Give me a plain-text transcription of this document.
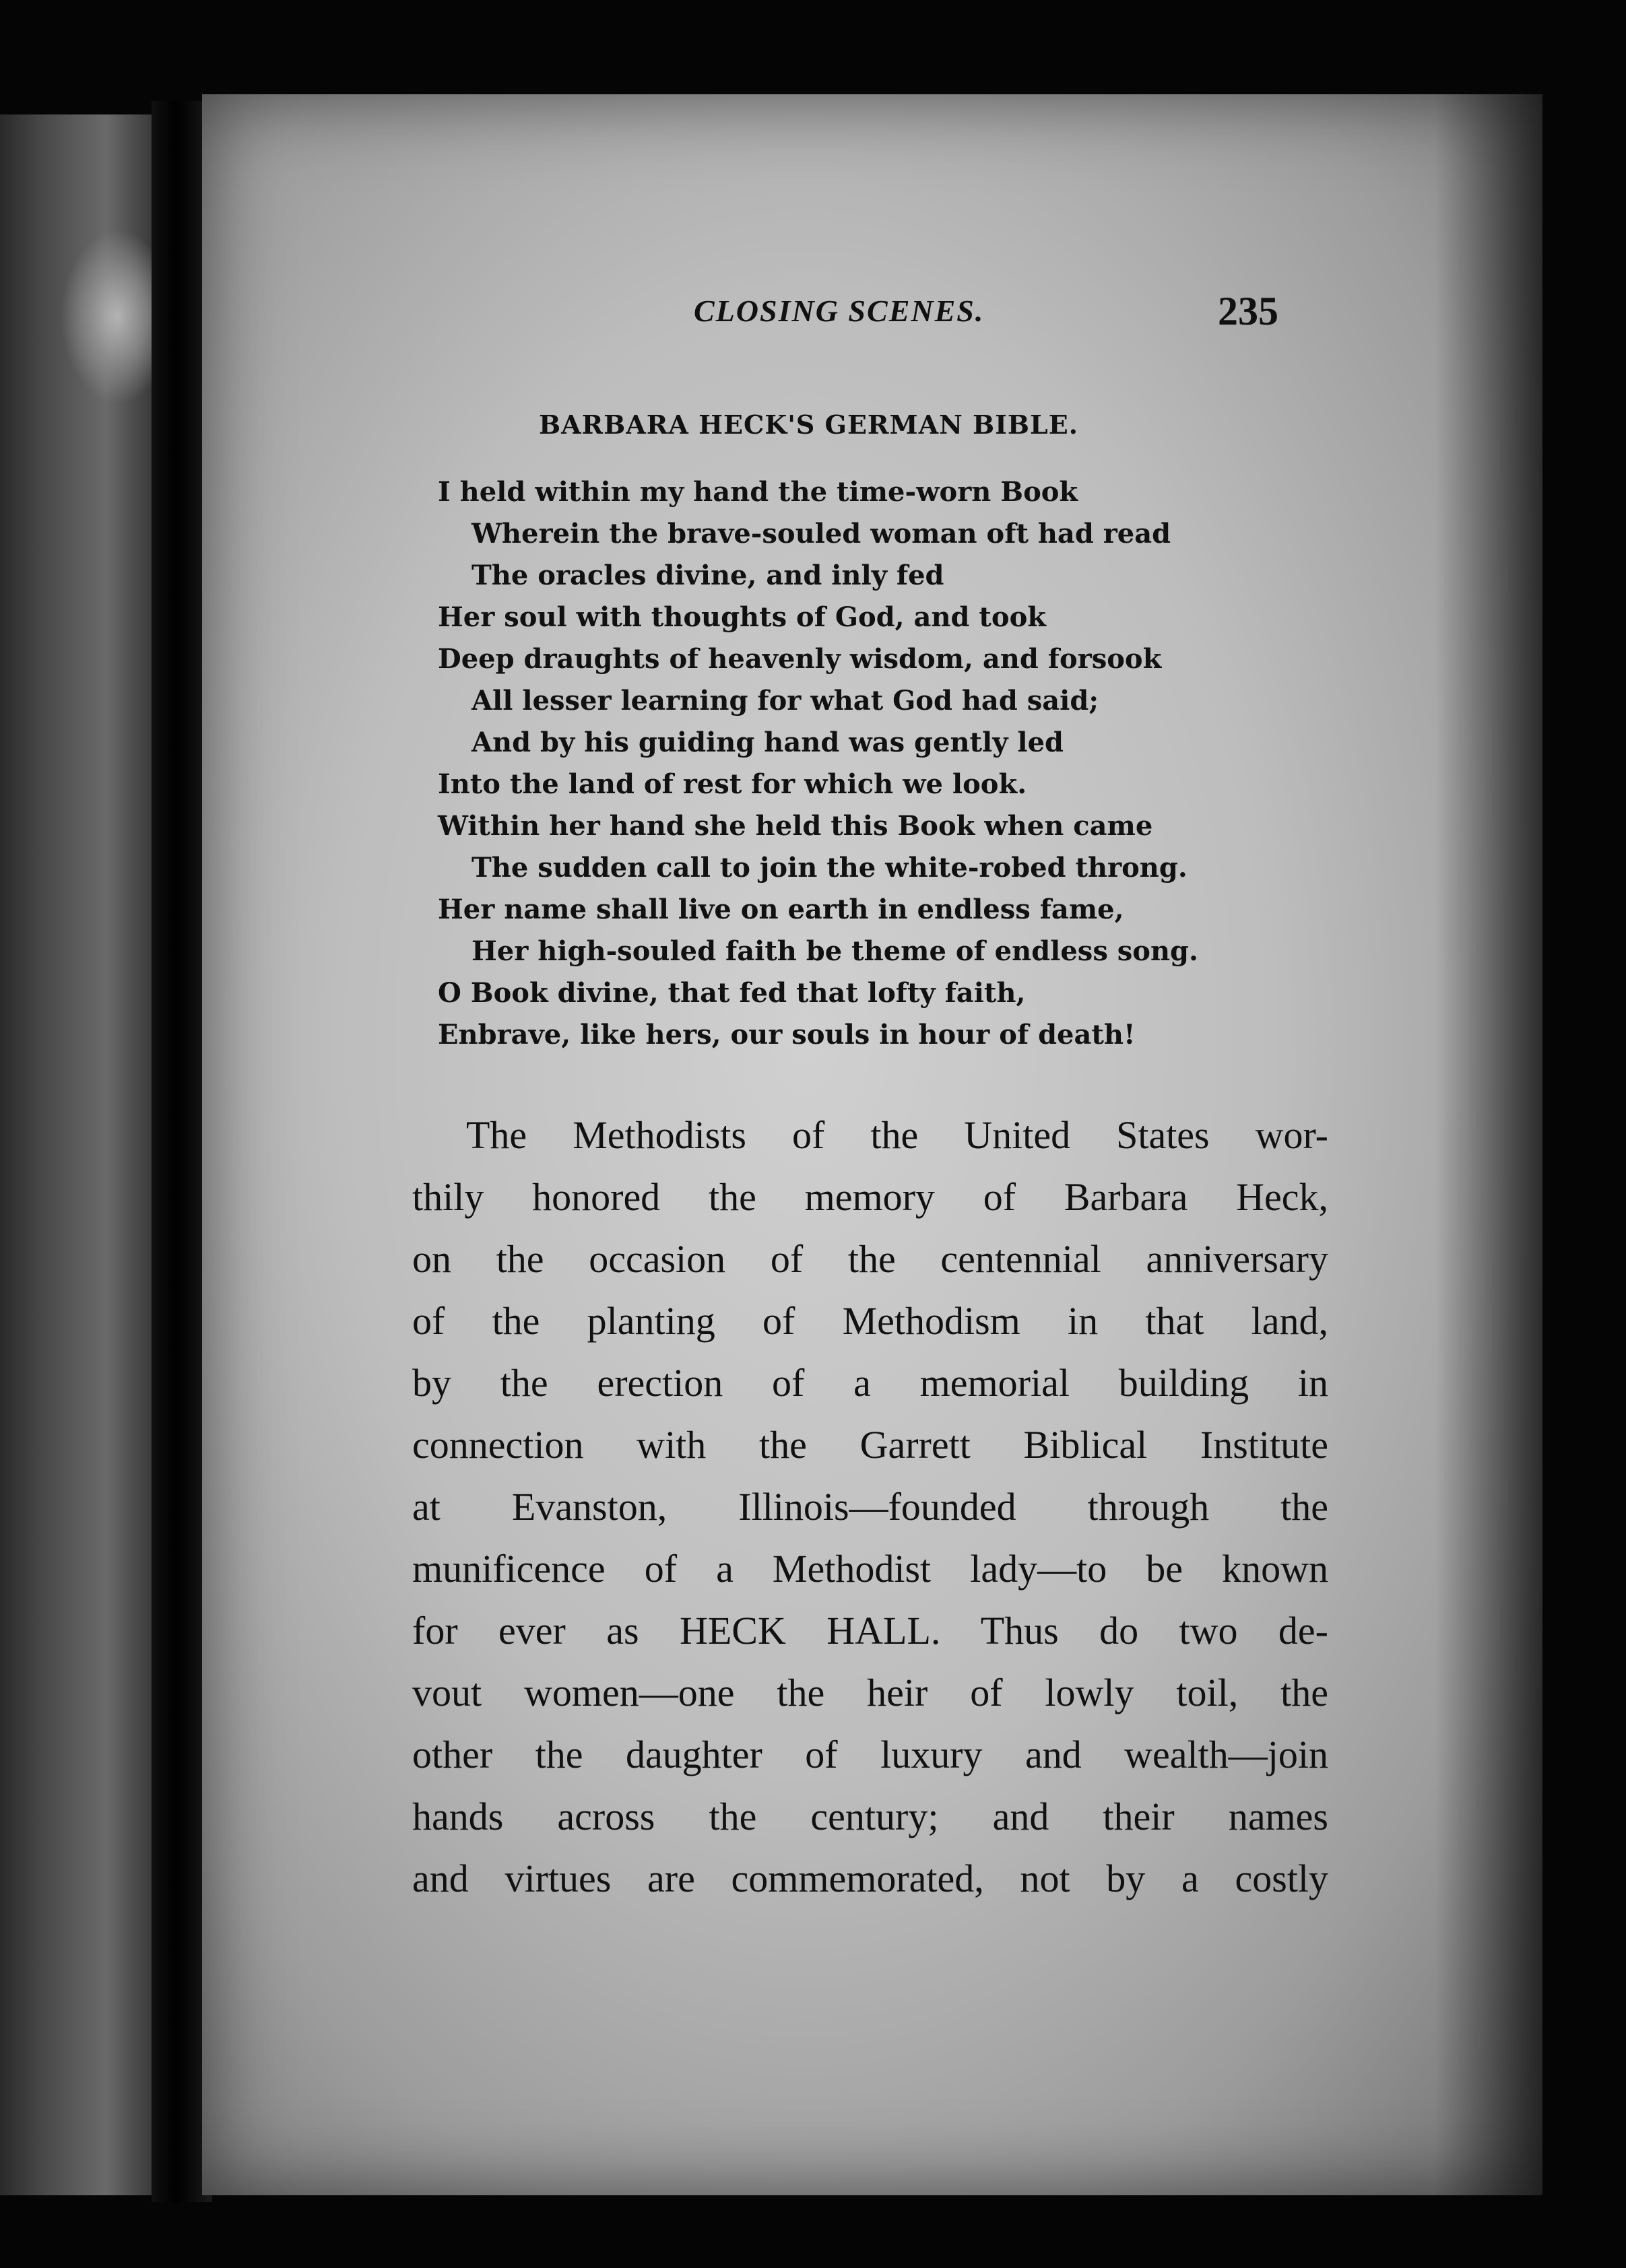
CLOSING SCENES.	235
BARBARA HECK'S GERMAN BIBLE.
I held within my hand the time-worn Book
Wherein the brave-souled woman oft had read
The oracles divine, and inly fed
Her soul with thoughts of God, and took
Deep draughts of heavenly wisdom, and forsook
All lesser learning for what God had said;
And by his guiding hand was gently led
Into the land of rest for which we look.
Within her hand she held this Book when came
The sudden call to join the white-robed throng.
Her name shall live on earth in endless fame,
Her high-souled faith be theme of endless song.
O Book divine, that fed that lofty faith,
Enbrave, like hers, our souls in hour of death!
The Methodists of the United States wor-
thily honored the memory of Barbara Heck,
on the occasion of the centennial anniversary
of the planting of Methodism in that land,
by the erection of a memorial building in
connection with the Garrett Biblical Institute
at Evanston, Illinois—founded through the
munificence of a Methodist lady—to be known
for ever as HECK HALL. Thus do two de-
vout women—one the heir of lowly toil, the
other the daughter of luxury and wealth—join
hands across the century; and their names
and virtues are commemorated, not by a costly
